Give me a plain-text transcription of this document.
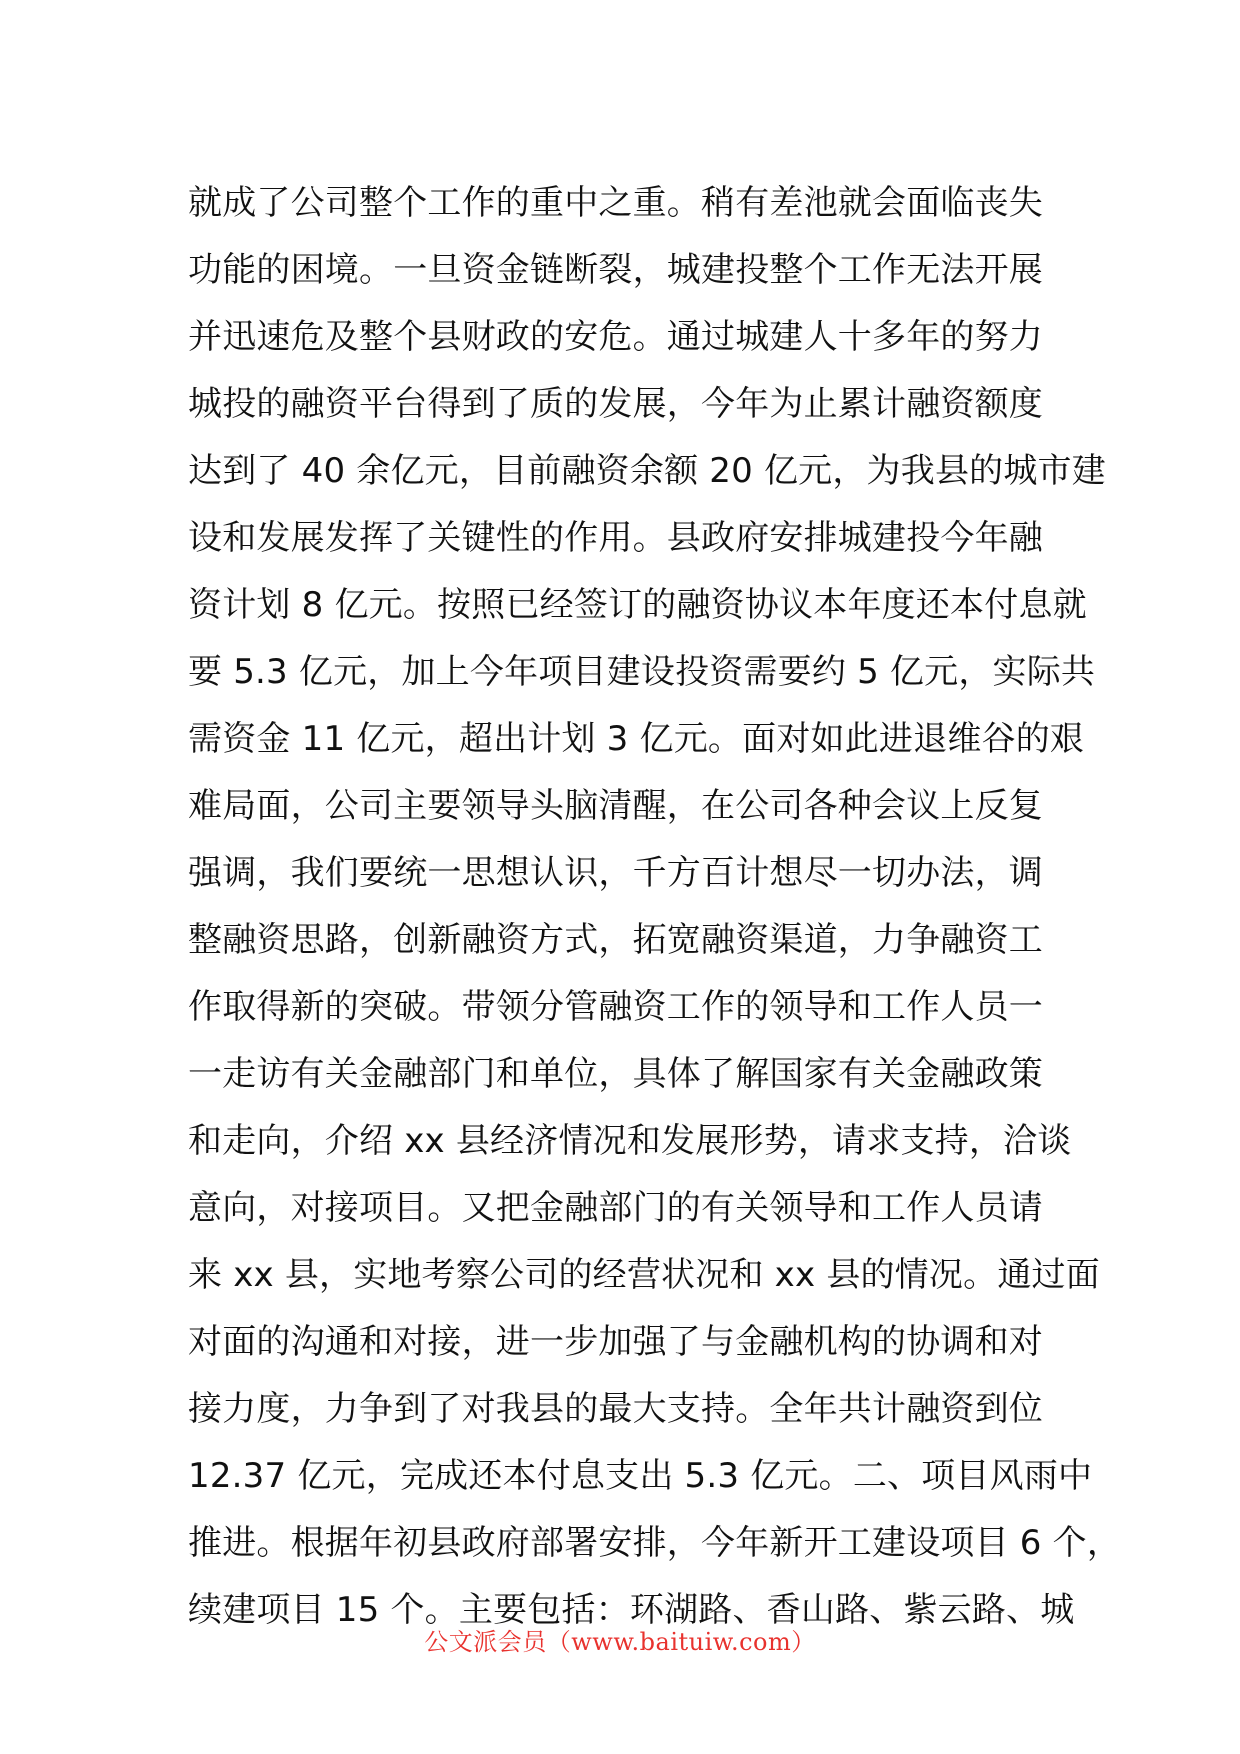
就成了公司整个工作的重中之重。稍有差池就会面临丧失
功能的困境。一旦资金链断裂，城建投整个工作无法开展
并迅速危及整个县财政的安危。通过城建人十多年的努力
城投的融资平台得到了质的发展，今年为止累计融资额度
达到了 40 余亿元，目前融资余额 20 亿元，为我县的城市建
设和发展发挥了关键性的作用。县政府安排城建投今年融
资计划 8 亿元。按照已经签订的融资协议本年度还本付息就
要 5.3 亿元，加上今年项目建设投资需要约 5 亿元，实际共
需资金 11 亿元，超出计划 3 亿元。面对如此进退维谷的艰
难局面，公司主要领导头脑清醒，在公司各种会议上反复
强调，我们要统一思想认识，千方百计想尽一切办法，调
整融资思路，创新融资方式，拓宽融资渠道，力争融资工
作取得新的突破。带领分管融资工作的领导和工作人员一
一走访有关金融部门和单位，具体了解国家有关金融政策
和走向，介绍 xx 县经济情况和发展形势，请求支持，洽谈
意向，对接项目。又把金融部门的有关领导和工作人员请
来 xx 县，实地考察公司的经营状况和 xx 县的情况。通过面
对面的沟通和对接，进一步加强了与金融机构的协调和对
接力度，力争到了对我县的最大支持。全年共计融资到位
12.37 亿元，完成还本付息支出 5.3 亿元。二、项目风雨中
推进。根据年初县政府部署安排，今年新开工建设项目 6 个，
续建项目 15 个。主要包括：环湖路、香山路、紫云路、城
公文派会员（www.baituiw.com）
